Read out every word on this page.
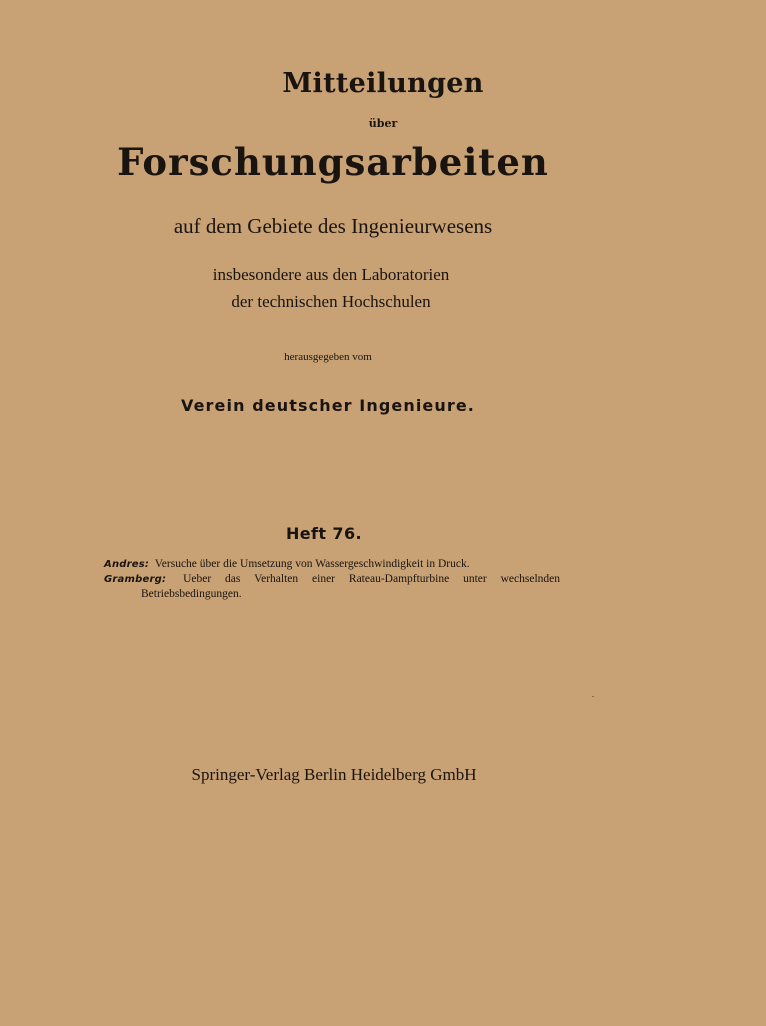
Mitteilungen
über
Forschungsarbeiten
auf dem Gebiete des Ingenieurwesens
insbesondere aus den Laboratorien
der technischen Hochschulen
herausgegeben vom
Verein deutscher Ingenieure.
Heft 76.
Andres: Versuche über die Umsetzung von Wassergeschwindigkeit in Druck.
Gramberg: Ueber das Verhalten einer Rateau-Dampfturbine unter wechselnden Betriebsbedingungen.
Springer-Verlag Berlin Heidelberg GmbH
